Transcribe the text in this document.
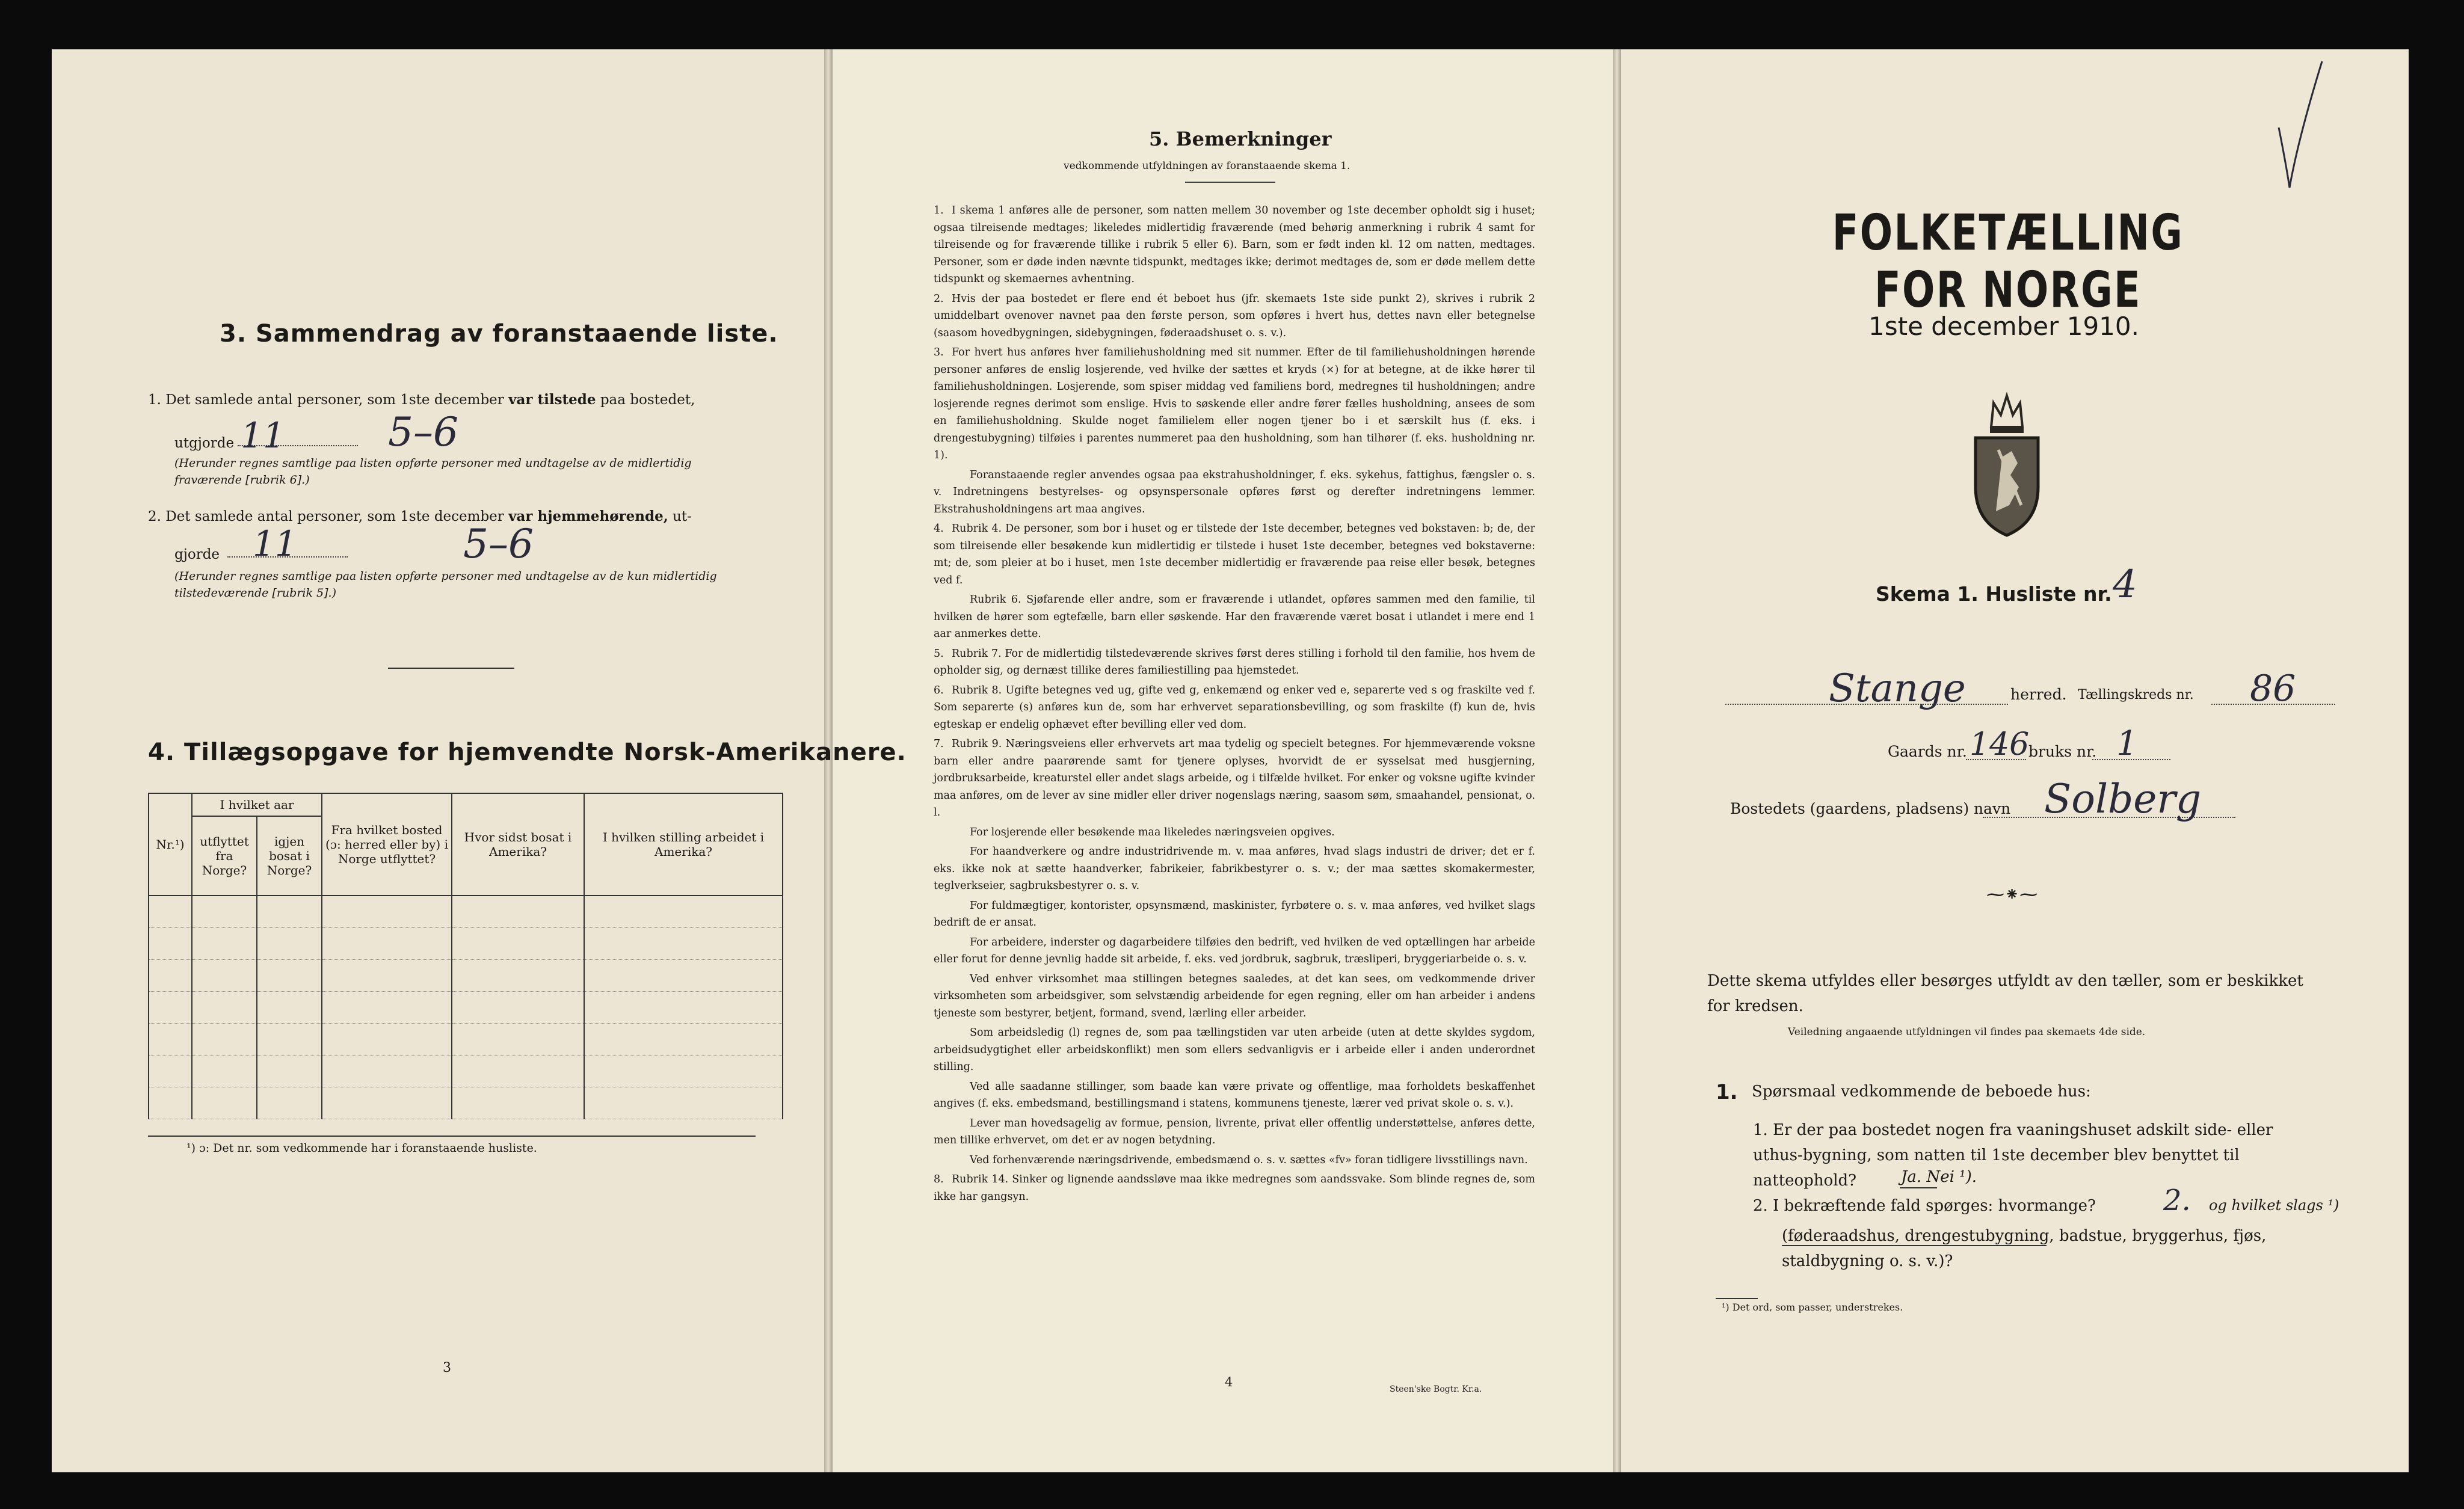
3. Sammendrag av foranstaaende liste.
1. Det samlede antal personer, som 1ste december var tilstede paa bostedet,
utgjorde 11	5–6
(Herunder regnes samtlige paa listen opførte personer med undtagelse av de midlertidig fraværende [rubrik 6].)
2. Det samlede antal personer, som 1ste december var hjemmehørende, ut-
gjorde 11	5–6
(Herunder regnes samtlige paa listen opførte personer med undtagelse av de kun midlertidig tilstedeværende [rubrik 5].)
4. Tillægsopgave for hjemvendte Norsk-Amerikanere.
Nr.¹)	I hvilket aar		Fra hvilket bosted (ɔ: herred eller by) i Norge utflyttet?	Hvor sidst bosat i Amerika?	I hvilken stilling arbeidet i Amerika?
	utflyttet fra Norge?	igjen bosat i Norge?			

¹) ɔ: Det nr. som vedkommende har i foranstaaende husliste.
3
5. Bemerkninger
vedkommende utfyldningen av foranstaaende skema 1.
1. I skema 1 anføres alle de personer, som natten mellem 30 november og 1ste december opholdt sig i huset; ogsaa tilreisende medtages; likeledes midlertidig fraværende (med behørig anmerkning i rubrik 4 samt for tilreisende og for fraværende tillike i rubrik 5 eller 6). Barn, som er født inden kl. 12 om natten, medtages. Personer, som er døde inden nævnte tidspunkt, medtages ikke; derimot medtages de, som er døde mellem dette tidspunkt og skemaernes avhentning.
2. Hvis der paa bostedet er flere end ét beboet hus (jfr. skemaets 1ste side punkt 2), skrives i rubrik 2 umiddelbart ovenover navnet paa den første person, som opføres i hvert hus, dettes navn eller betegnelse (saasom hovedbygningen, sidebygningen, føderaadshuset o. s. v.).
3. For hvert hus anføres hver familiehusholdning med sit nummer. Efter de til familiehusholdningen hørende personer anføres de enslig losjerende, ved hvilke der sættes et kryds (×) for at betegne, at de ikke hører til familiehusholdningen. Losjerende, som spiser middag ved familiens bord, medregnes til husholdningen; andre losjerende regnes derimot som enslige. Hvis to søskende eller andre fører fælles husholdning, ansees de som en familiehusholdning. Skulde noget familielem eller nogen tjener bo i et særskilt hus (f. eks. i drengestubygning) tilføies i parentes nummeret paa den husholdning, som han tilhører (f. eks. husholdning nr. 1).
Foranstaaende regler anvendes ogsaa paa ekstrahusholdninger, f. eks. sykehus, fattighus, fængsler o. s. v. Indretningens bestyrelses- og opsynspersonale opføres først og derefter indretningens lemmer. Ekstrahusholdningens art maa angives.
4. Rubrik 4. De personer, som bor i huset og er tilstede der 1ste december, betegnes ved bokstaven: b; de, der som tilreisende eller besøkende kun midlertidig er tilstede i huset 1ste december, betegnes ved bokstaverne: mt; de, som pleier at bo i huset, men 1ste december midlertidig er fraværende paa reise eller besøk, betegnes ved f.
Rubrik 6. Sjøfarende eller andre, som er fraværende i utlandet, opføres sammen med den familie, til hvilken de hører som egtefælle, barn eller søskende. Har den fraværende været bosat i utlandet i mere end 1 aar anmerkes dette.
5. Rubrik 7. For de midlertidig tilstedeværende skrives først deres stilling i forhold til den familie, hos hvem de opholder sig, og dernæst tillike deres familiestilling paa hjemstedet.
6. Rubrik 8. Ugifte betegnes ved ug, gifte ved g, enkemænd og enker ved e, separerte ved s og fraskilte ved f. Som separerte (s) anføres kun de, som har erhvervet separationsbevilling, og som fraskilte (f) kun de, hvis egteskap er endelig ophævet efter bevilling eller ved dom.
7. Rubrik 9. Næringsveiens eller erhvervets art maa tydelig og specielt betegnes. For hjemmeværende voksne barn eller andre paarørende samt for tjenere oplyses, hvorvidt de er sysselsat med husgjerning, jordbruksarbeide, kreaturstel eller andet slags arbeide, og i tilfælde hvilket. For enker og voksne ugifte kvinder maa anføres, om de lever av sine midler eller driver nogenslags næring, saasom søm, smaahandel, pensionat, o. l.
For losjerende eller besøkende maa likeledes næringsveien opgives.
For haandverkere og andre industridrivende m. v. maa anføres, hvad slags industri de driver; det er f. eks. ikke nok at sætte haandverker, fabrikeier, fabrikbestyrer o. s. v.; der maa sættes skomakermester, teglverkseier, sagbruksbestyrer o. s. v.
For fuldmægtiger, kontorister, opsynsmænd, maskinister, fyrbøtere o. s. v. maa anføres, ved hvilket slags bedrift de er ansat.
For arbeidere, inderster og dagarbeidere tilføies den bedrift, ved hvilken de ved optællingen har arbeide eller forut for denne jevnlig hadde sit arbeide, f. eks. ved jordbruk, sagbruk, træsliperi, bryggeriarbeide o. s. v.
Ved enhver virksomhet maa stillingen betegnes saaledes, at det kan sees, om vedkommende driver virksomheten som arbeidsgiver, som selvstændig arbeidende for egen regning, eller om han arbeider i andens tjeneste som bestyrer, betjent, formand, svend, lærling eller arbeider.
Som arbeidsledig (l) regnes de, som paa tællingstiden var uten arbeide (uten at dette skyldes sygdom, arbeidsudygtighet eller arbeidskonflikt) men som ellers sedvanligvis er i arbeide eller i anden underordnet stilling.
Ved alle saadanne stillinger, som baade kan være private og offentlige, maa forholdets beskaffenhet angives (f. eks. embedsmand, bestillingsmand i statens, kommunens tjeneste, lærer ved privat skole o. s. v.).
Lever man hovedsagelig av formue, pension, livrente, privat eller offentlig understøttelse, anføres dette, men tillike erhvervet, om det er av nogen betydning.
Ved forhenværende næringsdrivende, embedsmænd o. s. v. sættes «fv» foran tidligere livsstillings navn.
8. Rubrik 14. Sinker og lignende aandssløve maa ikke medregnes som aandssvake. Som blinde regnes de, som ikke har gangsyn.
4	Steen'ske Bogtr. Kr.a.
FOLKETÆLLING FOR NORGE
1ste december 1910.
Skema 1. Husliste nr. 4
Stange	herred. Tællingskreds nr. 86
Gaards nr. 146
bruks nr. 1
Bostedets (gaardens, pladsens) navn Solberg
⁓⁕⁓
Dette skema utfyldes eller besørges utfyldt av den tæller, som er beskikket for kredsen.
Veiledning angaaende utfyldningen vil findes paa skemaets 4de side.
1. Spørsmaal vedkommende de beboede hus:
1. Er der paa bostedet nogen fra vaaningshuset adskilt side- eller uthus-bygning, som natten til 1ste december blev benyttet til natteophold?	Ja. Nei ¹).
2. I bekræftende fald spørges: hvormange? 2. og hvilket slags ¹)
(føderaadshus, drengestubygning, badstue, bryggerhus, fjøs, staldbygning o. s. v.)?
¹) Det ord, som passer, understrekes.
